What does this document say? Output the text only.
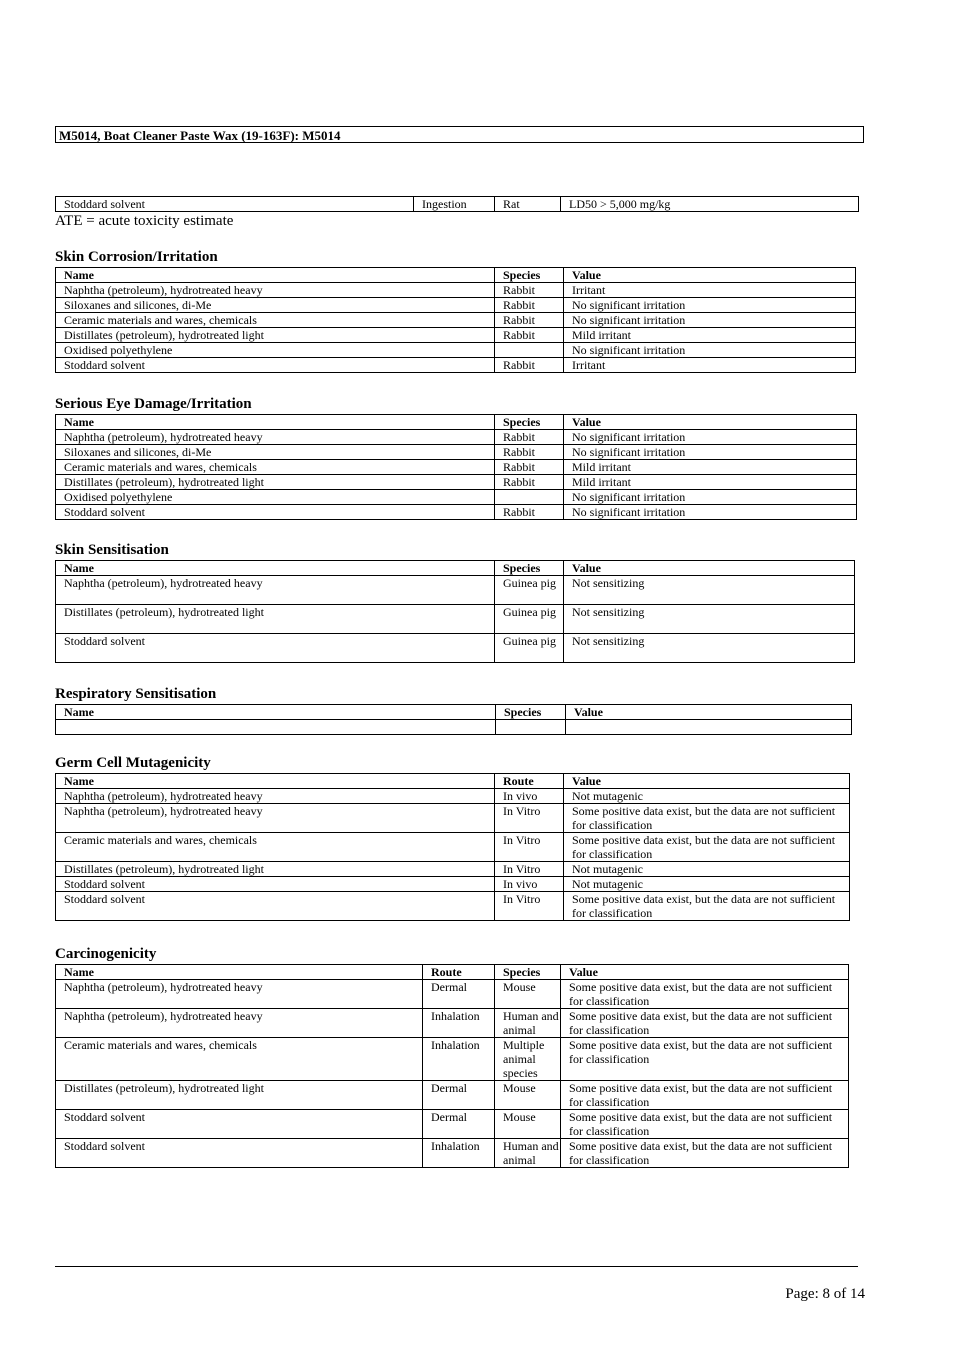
M5014, Boat Cleaner Paste Wax (19-163F): M5014
Stoddard solvent	Ingestion	Rat	LD50 > 5,000 mg/kg
ATE = acute toxicity estimate
Skin Corrosion/Irritation
Name	Species	Value
Naphtha (petroleum), hydrotreated heavy	Rabbit	Irritant
Siloxanes and silicones, di-Me	Rabbit	No significant irritation
Ceramic materials and wares, chemicals	Rabbit	No significant irritation
Distillates (petroleum), hydrotreated light	Rabbit	Mild irritant
Oxidised polyethylene		No significant irritation
Stoddard solvent	Rabbit	Irritant
Serious Eye Damage/Irritation
Name	Species	Value
Naphtha (petroleum), hydrotreated heavy	Rabbit	No significant irritation
Siloxanes and silicones, di-Me	Rabbit	No significant irritation
Ceramic materials and wares, chemicals	Rabbit	Mild irritant
Distillates (petroleum), hydrotreated light	Rabbit	Mild irritant
Oxidised polyethylene		No significant irritation
Stoddard solvent	Rabbit	No significant irritation
Skin Sensitisation
Name	Species	Value
Naphtha (petroleum), hydrotreated heavy	Guinea pig	Not sensitizing
Distillates (petroleum), hydrotreated light	Guinea pig	Not sensitizing
Stoddard solvent	Guinea pig	Not sensitizing
Respiratory Sensitisation
Name	Species	Value

Germ Cell Mutagenicity
Name	Route	Value
Naphtha (petroleum), hydrotreated heavy	In vivo	Not mutagenic
Naphtha (petroleum), hydrotreated heavy	In Vitro	Some positive data exist, but the data are not sufficient for classification
Ceramic materials and wares, chemicals	In Vitro	Some positive data exist, but the data are not sufficient for classification
Distillates (petroleum), hydrotreated light	In Vitro	Not mutagenic
Stoddard solvent	In vivo	Not mutagenic
Stoddard solvent	In Vitro	Some positive data exist, but the data are not sufficient for classification
Carcinogenicity
Name	Route	Species	Value
Naphtha (petroleum), hydrotreated heavy	Dermal	Mouse	Some positive data exist, but the data are not sufficient for classification
Naphtha (petroleum), hydrotreated heavy	Inhalation	Human and animal	Some positive data exist, but the data are not sufficient for classification
Ceramic materials and wares, chemicals	Inhalation	Multiple animal species	Some positive data exist, but the data are not sufficient for classification
Distillates (petroleum), hydrotreated light	Dermal	Mouse	Some positive data exist, but the data are not sufficient for classification
Stoddard solvent	Dermal	Mouse	Some positive data exist, but the data are not sufficient for classification
Stoddard solvent	Inhalation	Human and animal	Some positive data exist, but the data are not sufficient for classification
Page: 8 of 14
